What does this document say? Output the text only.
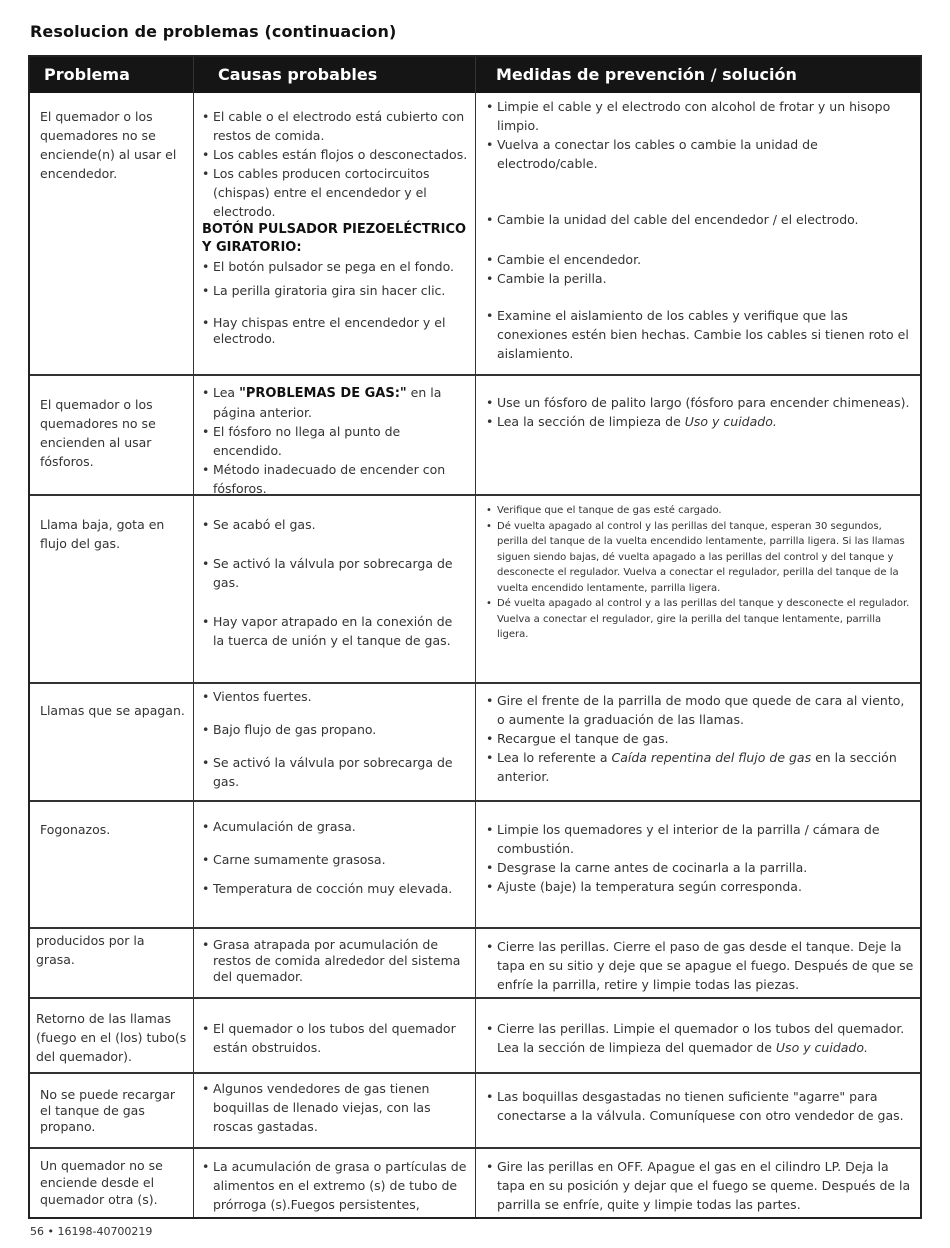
Resolucion de problemas (continuacion)
Problema	Causas probables	Medidas de prevención / solución
El quemador o los quemadores no se enciende(n) al usar el encendedor.
• El cable o el electrodo está cubierto con restos de comida.
• Los cables están flojos o desconectados.
• Los cables producen cortocircuitos (chispas) entre el encendedor y el electrodo.
BOTÓN PULSADOR PIEZOELÉCTRICO Y GIRATORIO:
• El botón pulsador se pega en el fondo.
• La perilla giratoria gira sin hacer clic.
• Hay chispas entre el encendedor y el electrodo.
• Limpie el cable y el electrodo con alcohol de frotar y un hisopo limpio.
• Vuelva a conectar los cables o cambie la unidad de electrodo/cable.
• Cambie la unidad del cable del encendedor / el electrodo.
• Cambie el encendedor.
• Cambie la perilla.
• Examine el aislamiento de los cables y verifique que las conexiones estén bien hechas. Cambie los cables si tienen roto el aislamiento.
El quemador o los quemadores no se encienden al usar fósforos.
• Lea "PROBLEMAS DE GAS:" en la página anterior.
• El fósforo no llega al punto de encendido.
• Método inadecuado de encender con fósforos.
• Use un fósforo de palito largo (fósforo para encender chimeneas).
• Lea la sección de limpieza de Uso y cuidado.
Llama baja, gota en flujo del gas.
• Se acabó el gas.
• Se activó la válvula por sobrecarga de gas.
• Hay vapor atrapado en la conexión de la tuerca de unión y el tanque de gas.
• Verifique que el tanque de gas esté cargado.
• Dé vuelta apagado al control y las perillas del tanque, esperan 30 segundos, perilla del tanque de la vuelta encendido lentamente, parrilla ligera. Si las llamas siguen siendo bajas, dé vuelta apagado a las perillas del control y del tanque y desconecte el regulador. Vuelva a conectar el regulador, perilla del tanque de la vuelta encendido lentamente, parrilla ligera.
• Dé vuelta apagado al control y a las perillas del tanque y desconecte el regulador. Vuelva a conectar el regulador, gire la perilla del tanque lentamente, parrilla ligera.
Llamas que se apagan.
• Vientos fuertes.
• Bajo flujo de gas propano.
• Se activó la válvula por sobrecarga de gas.
• Gire el frente de la parrilla de modo que quede de cara al viento, o aumente la graduación de las llamas.
• Recargue el tanque de gas.
• Lea lo referente a Caída repentina del flujo de gas en la sección anterior.
Fogonazos.
•	Acumulación de grasa.
• Carne sumamente grasosa.
• Temperatura de cocción muy elevada.
• Limpie los quemadores y el interior de la parrilla / cámara de combustión.
• Desgrase la carne antes de cocinarla a la parrilla.
• Ajuste (baje) la temperatura según corresponda.
producidos por la grasa.
• Grasa atrapada por acumulación de restos de comida alrededor del sistema del quemador.
• Cierre las perillas. Cierre el paso de gas desde el tanque. Deje la tapa en su sitio y deje que se apague el fuego. Después de que se enfríe la parrilla, retire y limpie todas las piezas.
Retorno de las llamas (fuego en el (los) tubo(s del quemador).
• El quemador o los tubos del quemador están obstruidos.
• Cierre las perillas. Limpie el quemador o los tubos del quemador. Lea la sección de limpieza del quemador de Uso y cuidado.
No se puede recargar el tanque de gas propano.
• Algunos vendedores de gas tienen boquillas de llenado viejas, con las roscas gastadas.
• Las boquillas desgastadas no tienen suficiente "agarre" para conectarse a la válvula. Comuníquese con otro vendedor de gas.
Un quemador no se enciende desde el quemador otra (s).
• La acumulación de grasa o partículas de alimentos en el extremo (s) de tubo de prórroga (s).Fuegos persistentes,
• Gire las perillas en OFF. Apague el gas en el cilindro LP. Deja la tapa en su posición y dejar que el fuego se queme. Después de la parrilla se enfríe, quite y limpie todas las partes.
56 • 16198-40700219
